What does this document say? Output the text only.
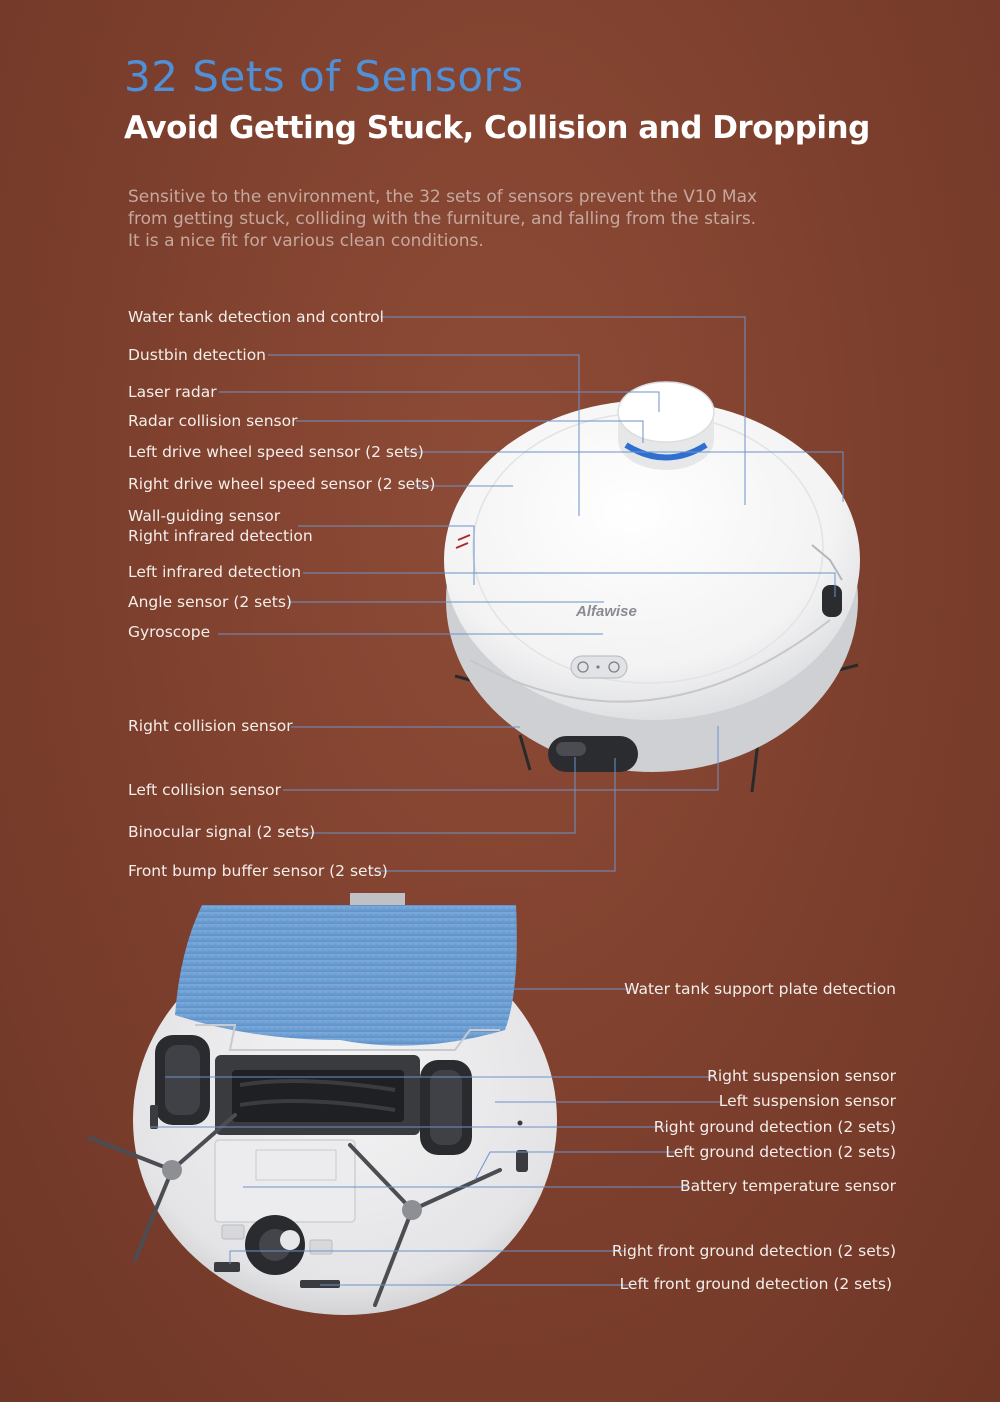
32 Sets of Sensors
Avoid Getting Stuck, Collision and Dropping

Sensitive to the environment, the 32 sets of sensors prevent the V10 Max
from getting stuck, colliding with the furniture, and falling from the stairs.
It is a nice fit for various clean conditions.

Alfawise
Water tank detection and control
Dustbin detection
Laser radar
Radar collision sensor
Left drive wheel speed sensor (2 sets)
Right drive wheel speed sensor (2 sets)
Wall-guiding sensor
Right infrared detection
Left infrared detection
Angle sensor (2 sets)
Gyroscope
Right collision sensor
Left collision sensor
Binocular signal (2 sets)
Front bump buffer sensor (2 sets)
Water tank support plate detection
Right suspension sensor
Left suspension sensor
Right ground detection (2 sets)
Left ground detection (2 sets)
Battery temperature sensor
Right front ground detection (2 sets)
Left front ground detection (2 sets)
